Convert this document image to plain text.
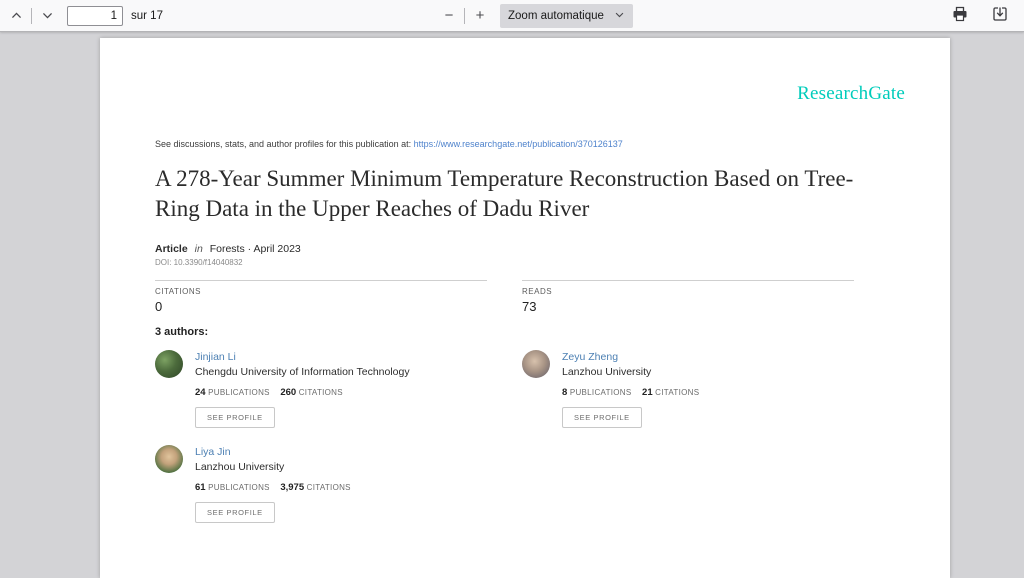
1
sur 17	−	+	Zoom automatique
ResearchGate
See discussions, stats, and author profiles for this publication at: https://www.researchgate.net/publication/370126137
A 278-Year Summer Minimum Temperature Reconstruction Based on Tree-Ring Data in the Upper Reaches of Dadu River
Article in Forests · April 2023
DOI: 10.3390/f14040832
CITATIONS
0
READS
73
3 authors:
Jinjian Li
Chengdu University of Information Technology
24 PUBLICATIONS 260 CITATIONS
SEE PROFILE
Zeyu Zheng
Lanzhou University
8 PUBLICATIONS 21 CITATIONS
SEE PROFILE
Liya Jin
Lanzhou University
61 PUBLICATIONS 3,975 CITATIONS
SEE PROFILE
